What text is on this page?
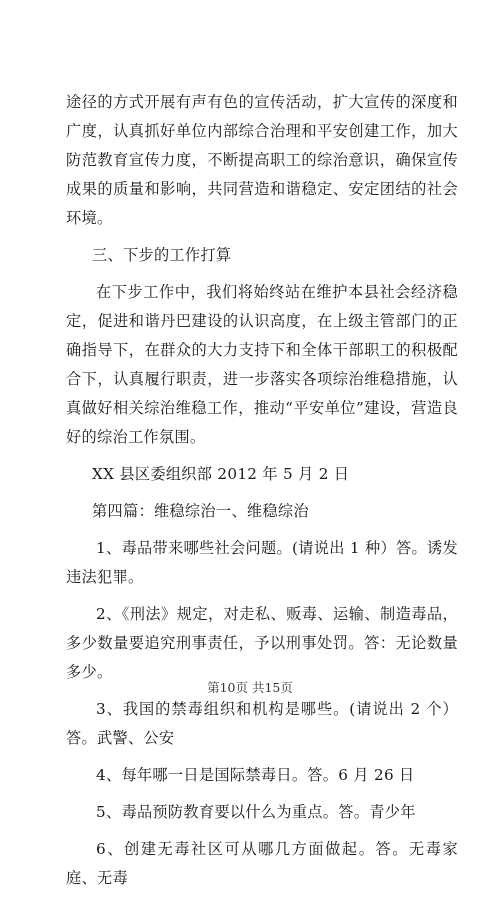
途径的方式开展有声有色的宣传活动，扩大宣传的深度和广度，认真抓好单位内部综合治理和平安创建工作，加大防范教育宣传力度，不断提高职工的综治意识，确保宣传成果的质量和影响，共同营造和谐稳定、安定团结的社会环境。

三、下步的工作打算

在下步工作中，我们将始终站在维护本县社会经济稳定，促进和谐丹巴建设的认识高度，在上级主管部门的正确指导下，在群众的大力支持下和全体干部职工的积极配合下，认真履行职责，进一步落实各项综治维稳措施，认真做好相关综治维稳工作，推动“平安单位”建设，营造良好的综治工作氛围。

XX 县区委组织部 2012 年 5 月 2 日

第四篇：维稳综治一、维稳综治

1、毒品带来哪些社会问题。(请说出 1 种）答。诱发违法犯罪。

2、《刑法》规定，对走私、贩毒、运输、制造毒品，多少数量要追究刑事责任，予以刑事处罚。答：无论数量多少。

3、我国的禁毒组织和机构是哪些。(请说出 2 个）答。武警、公安

4、每年哪一日是国际禁毒日。答。6 月 26 日

5、毒品预防教育要以什么为重点。答。青少年

6、创建无毒社区可从哪几方面做起。答。无毒家庭、无毒

第10页 共15页
